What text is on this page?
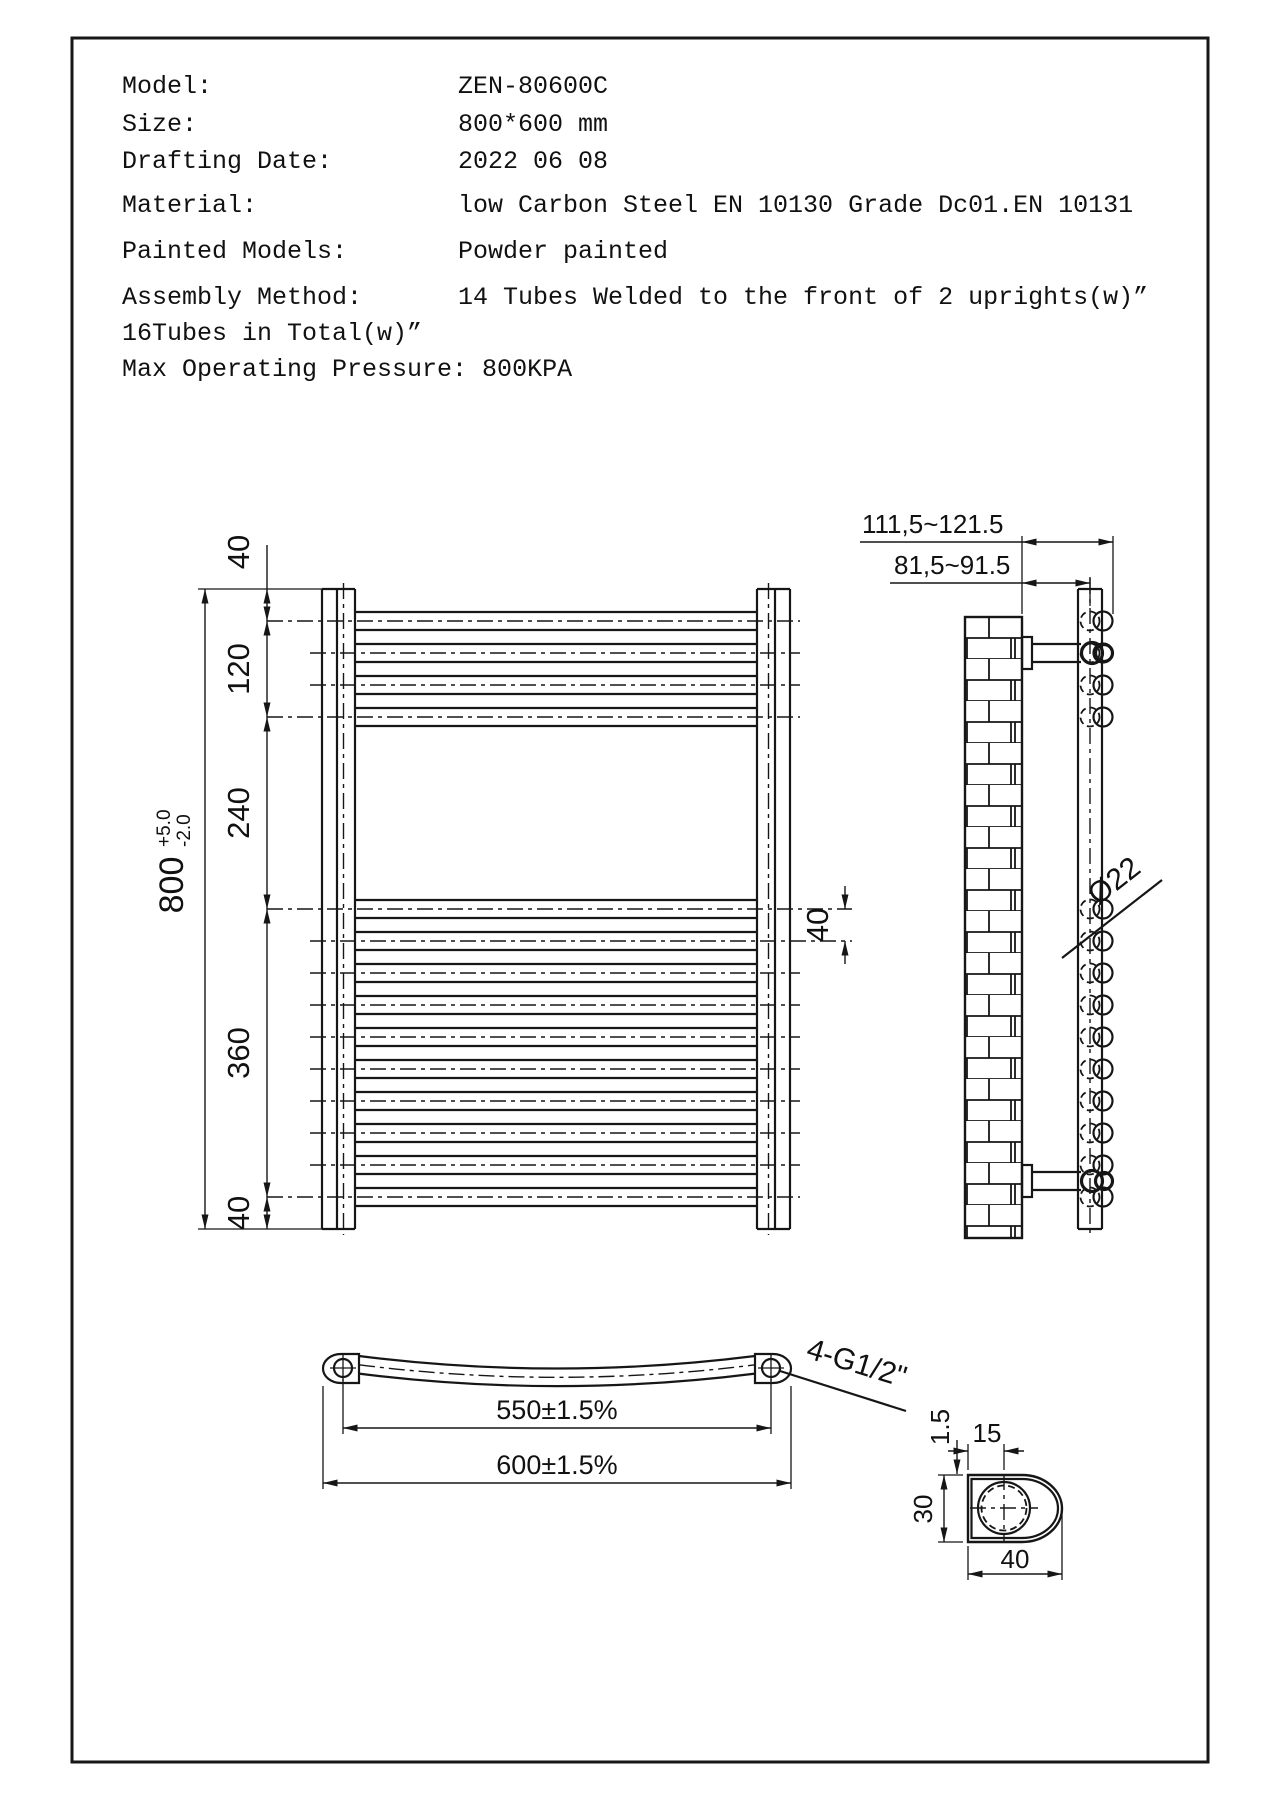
Model:	ZEN-80600C
Size:	800*600 mm
Drafting Date:	2022 06 08
Material:	low Carbon Steel EN 10130 Grade Dc01.EN 10131
Painted Models:	Powder painted
Assembly Method:	14 Tubes Welded to the front of 2 uprights(w)”
16Tubes in Total(w)”
Max Operating Pressure: 800KPA
800
+5.0 -2.0
40
120
240
360
40
40
111,5~121.5
81,5~91.5
Ø22
550±1.5%
600±1.5%
4-G1/2"
15
1.5
30
40
